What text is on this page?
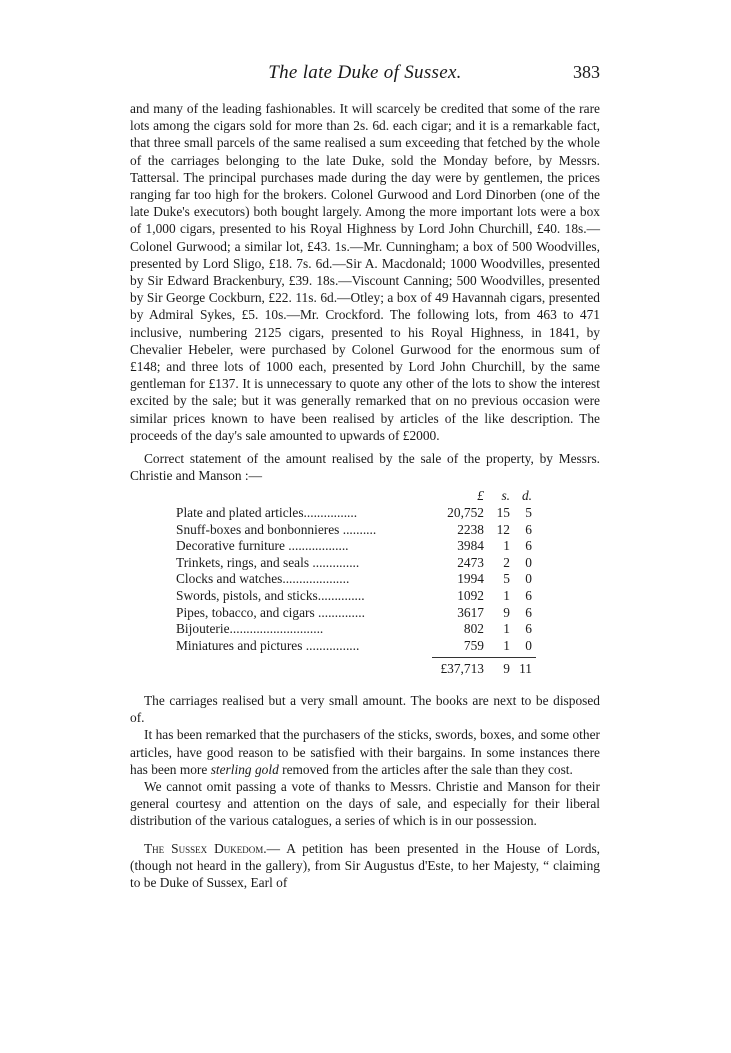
The late Duke of Sussex.	383

and many of the leading fashionables. It will scarcely be credited that some of the rare lots among the cigars sold for more than 2s. 6d. each cigar; and it is a remarkable fact, that three small parcels of the same realised a sum exceeding that fetched by the whole of the carriages belonging to the late Duke, sold the Monday before, by Messrs. Tattersal. The principal purchases made during the day were by gentlemen, the prices ranging far too high for the brokers. Colonel Gurwood and Lord Dinorben (one of the late Duke's executors) both bought largely. Among the more important lots were a box of 1,000 cigars, presented to his Royal Highness by Lord John Churchill, £40. 18s.—Colonel Gurwood; a similar lot, £43. 1s.—Mr. Cunningham; a box of 500 Woodvilles, presented by Lord Sligo, £18. 7s. 6d.—Sir A. Macdonald; 1000 Woodvilles, presented by Sir Edward Brackenbury, £39. 18s.—Viscount Canning; 500 Woodvilles, presented by Sir George Cockburn, £22. 11s. 6d.—Otley; a box of 49 Havannah cigars, presented by Admiral Sykes, £5. 10s.—Mr. Crockford. The following lots, from 463 to 471 inclusive, numbering 2125 cigars, presented to his Royal Highness, in 1841, by Chevalier Hebeler, were purchased by Colonel Gurwood for the enormous sum of £148; and three lots of 1000 each, presented by Lord John Churchill, by the same gentleman for £137. It is unnecessary to quote any other of the lots to show the interest excited by the sale; but it was generally remarked that on no previous occasion were similar prices known to have been realised by articles of the like description. The proceeds of the day's sale amounted to upwards of £2000.

Correct statement of the amount realised by the sale of the property, by Messrs. Christie and Manson :—

£	s. d.
Plate and plated articles................	20,752 15	5
Snuff-boxes and bonbonnieres ..........	2238 12	6
Decorative furniture ..................	3984	1	6
Trinkets, rings, and seals ..............	2473	2	0
Clocks and watches....................	1994	5	0
Swords, pistols, and sticks..............	1092	1	6
Pipes, tobacco, and cigars ..............	3617	9	6
Bijouterie............................	802	1	6
Miniatures and pictures ................	759	1	0
£37,713	9 11

The carriages realised but a very small amount. The books are next to be disposed of.

It has been remarked that the purchasers of the sticks, swords, boxes, and some other articles, have good reason to be satisfied with their bargains. In some instances there has been more sterling gold removed from the articles after the sale than they cost.

We cannot omit passing a vote of thanks to Messrs. Christie and Manson for their general courtesy and attention on the days of sale, and especially for their liberal distribution of the various catalogues, a series of which is in our possession.

The Sussex Dukedom.— A petition has been presented in the House of Lords, (though not heard in the gallery), from Sir Augustus d'Este, to her Majesty, “ claiming to be Duke of Sussex, Earl of
